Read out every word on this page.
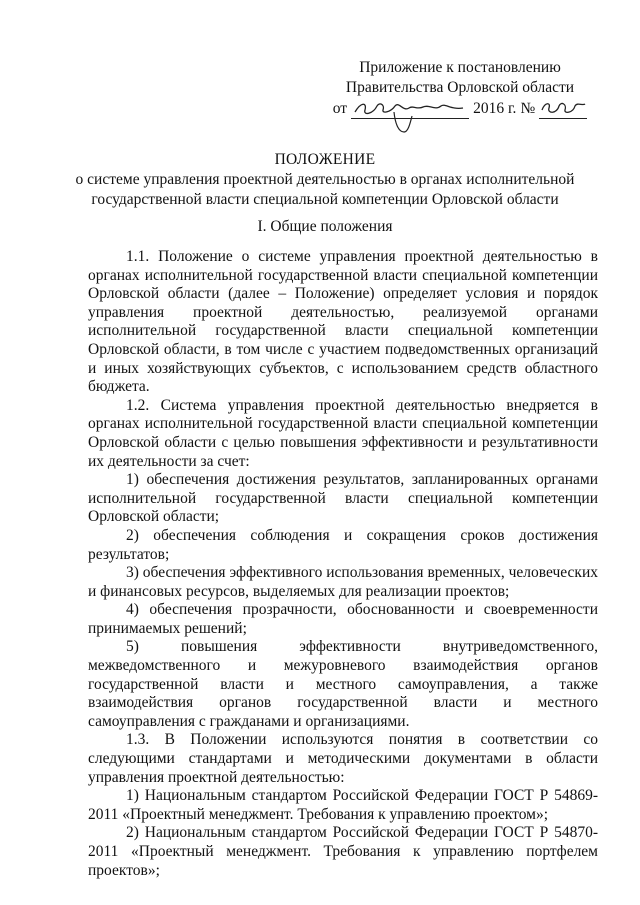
Приложение к постановлению
Правительства Орловской области
от	2016 г. №
ПОЛОЖЕНИЕ
о системе управления проектной деятельностью в органах исполнительной
государственной власти специальной компетенции Орловской области
I. Общие положения

1.1. Положение о системе управления проектной деятельностью в органах исполнительной государственной власти специальной компетенции Орловской области (далее – Положение) определяет условия и порядок управления проектной деятельностью, реализуемой органами исполнительной государственной власти специальной компетенции Орловской области, в том числе с участием подведомственных организаций и иных хозяйствующих субъектов, с использованием средств областного бюджета.

1.2. Система управления проектной деятельностью внедряется в органах исполнительной государственной власти специальной компетенции Орловской области с целью повышения эффективности и результативности их деятельности за счет:

1) обеспечения достижения результатов, запланированных органами исполнительной государственной власти специальной компетенции Орловской области;

2) обеспечения соблюдения и сокращения сроков достижения результатов;

3) обеспечения эффективного использования временных, человеческих и финансовых ресурсов, выделяемых для реализации проектов;

4) обеспечения прозрачности, обоснованности и своевременности принимаемых решений;

5) повышения эффективности внутриведомственного, межведомственного и межуровневого взаимодействия органов государственной власти и местного самоуправления, а также взаимодействия органов государственной власти и местного самоуправления с гражданами и организациями.

1.3. В Положении используются понятия в соответствии со следующими стандартами и методическими документами в области управления проектной деятельностью:

1) Национальным стандартом Российской Федерации ГОСТ Р 54869-2011 «Проектный менеджмент. Требования к управлению проектом»;

2) Национальным стандартом Российской Федерации ГОСТ Р 54870-2011 «Проектный менеджмент. Требования к управлению портфелем проектов»;
